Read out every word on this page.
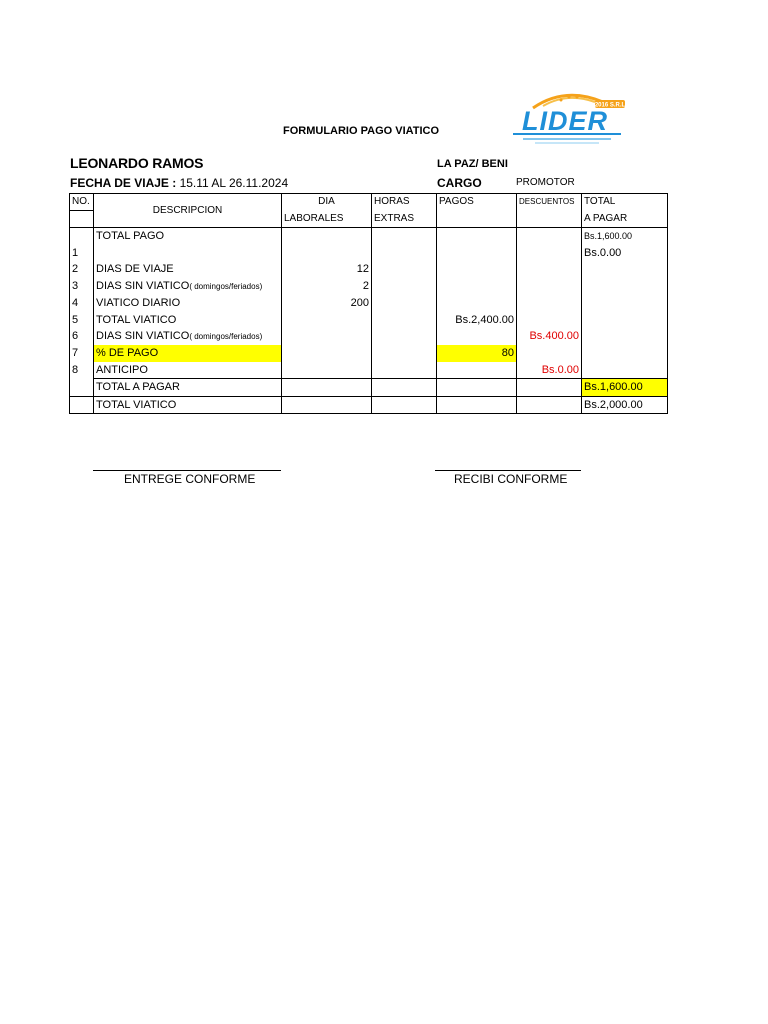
FORMULARIO PAGO VIATICO
2016 S.R.L
LIDER
LEONARDO RAMOS	LA PAZ/ BENI
FECHA DE VIAJE : 15.11 AL 26.11.2024	CARGO	PROMOTOR
NO.	DESCRIPCION	DIA	HORAS	PAGOS	DESCUENTOS	TOTAL
		LABORALES	EXTRAS			A PAGAR
	TOTAL PAGO					Bs.1,600.00
1						Bs.0.00
2	DIAS DE VIAJE	12				
3	DIAS SIN VIATICO( domingos/feriados)	2				
4	VIATICO DIARIO	200				
5	TOTAL VIATICO			Bs.2,400.00		
6	DIAS SIN VIATICO( domingos/feriados)				Bs.400.00	
7	% DE PAGO			80		
8	ANTICIPO				Bs.0.00	
	TOTAL A PAGAR					Bs.1,600.00
	TOTAL VIATICO					Bs.2,000.00
ENTREGE CONFORME	RECIBI CONFORME
